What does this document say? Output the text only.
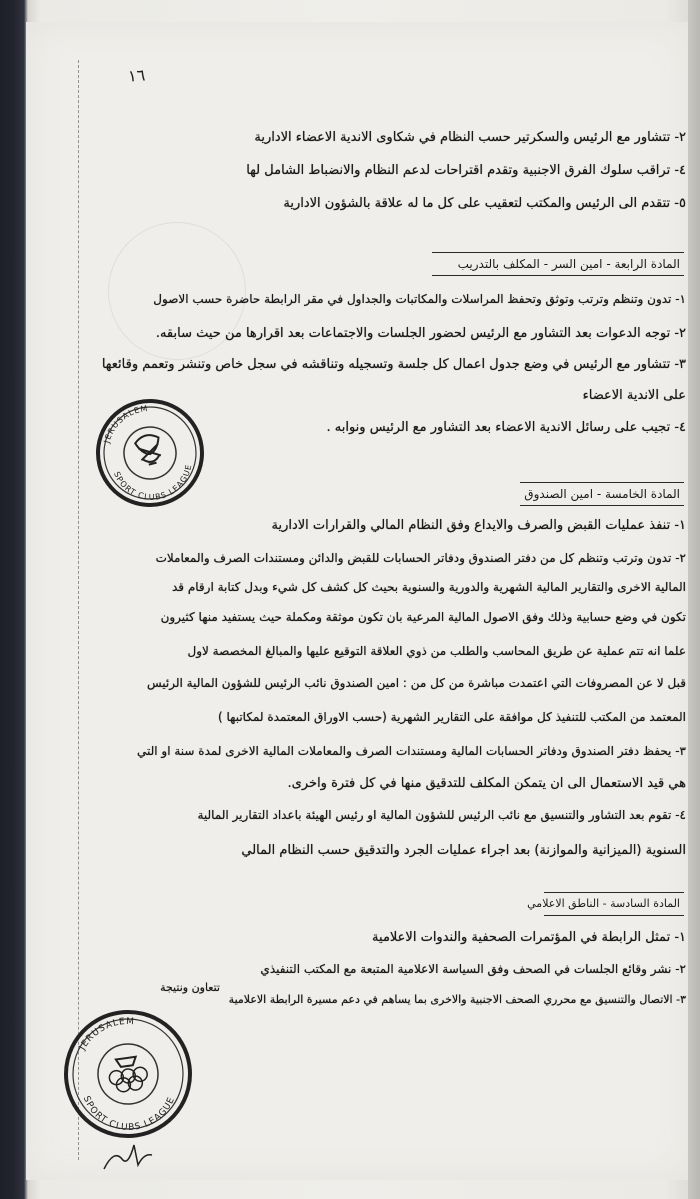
١٦
٢- تتشاور مع الرئيس والسكرتير حسب النظام في شكاوى الاندية الاعضاء الادارية
٤- تراقب سلوك الفرق الاجنبية وتقدم اقتراحات لدعم النظام والانضباط الشامل لها
٥- تتقدم الى الرئيس والمكتب لتعقيب على كل ما له علاقة بالشؤون الادارية
المادة الرابعة - امين السر - المكلف بالتدريب
١- تدون وتنظم وترتب وتوثق وتحفظ المراسلات والمكاتبات والجداول في مقر الرابطة حاضرة حسب الاصول
٢- توجه الدعوات بعد التشاور مع الرئيس لحضور الجلسات والاجتماعات بعد اقرارها من حيث سابقه.
٣- تتشاور مع الرئيس في وضع جدول اعمال كل جلسة وتسجيله وتناقشه في سجل خاص وتنشر وتعمم وقائعها
على الاندية الاعضاء
٤- تجيب على رسائل الاندية الاعضاء بعد التشاور مع الرئيس ونوابه .
المادة الخامسة - امين الصندوق
١- تنفذ عمليات القبض والصرف والايداع وفق النظام المالي والقرارات الادارية
٢- تدون وترتب وتنظم كل من دفتر الصندوق ودفاتر الحسابات للقبض والدائن ومستندات الصرف والمعاملات
المالية الاخرى والتقارير المالية الشهرية والدورية والسنوية بحيث كل كشف كل شيء وبدل كتابة ارقام قد
تكون في وضع حسابية وذلك وفق الاصول المالية المرعية بان تكون موثقة ومكملة حيث يستفيد منها كثيرون
علما انه تتم عملية عن طريق المحاسب والطلب من ذوي العلاقة التوقيع عليها والمبالغ المخصصة لاول
قبل لا عن المصروفات التي اعتمدت مباشرة من كل من : امين الصندوق نائب الرئيس للشؤون المالية الرئيس
المعتمد من المكتب للتنفيذ كل موافقة على التقارير الشهرية (حسب الاوراق المعتمدة لمكاتبها )
٣- يحفظ دفتر الصندوق ودفاتر الحسابات المالية ومستندات الصرف والمعاملات المالية الاخرى لمدة سنة او التي
هي قيد الاستعمال الى ان يتمكن المكلف للتدقيق منها في كل فترة واخرى.
٤- تقوم بعد التشاور والتنسيق مع نائب الرئيس للشؤون المالية او رئيس الهيئة باعداد التقارير المالية
السنوية (الميزانية والموازنة) بعد اجراء عمليات الجرد والتدقيق حسب النظام المالي
المادة السادسة - الناطق الاعلامي
١- تمثل الرابطة في المؤتمرات الصحفية والندوات الاعلامية
٢- نشر وقائع الجلسات في الصحف وفق السياسة الاعلامية المتبعة مع المكتب التنفيذي
تتعاون ونتيجة
٣- الاتصال والتنسيق مع محرري الصحف الاجنبية والاخرى بما يساهم في دعم مسيرة الرابطة الاعلامية
SPORT CLUBS LEAGUE
JERUSALEM
SPORT CLUBS LEAGUE
JERUSALEM
